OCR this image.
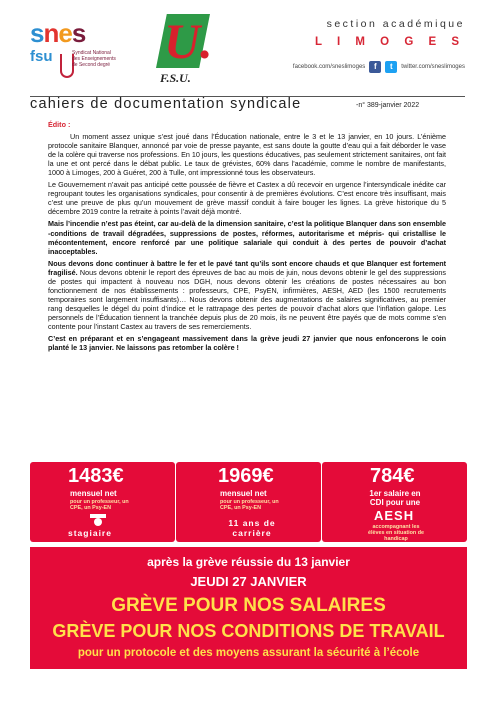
snes
fsu	Syndicat National des Enseignements de Second degré U.
F.S.U.
section académique
L I M O G E S
facebook.com/sneslimoges	f	t	twitter.com/sneslimoges
cahiers de documentation syndicale	-n° 389-janvier 2022
Édito :

Un moment assez unique s’est joué dans l’Éducation nationale, entre le 3 et le 13 janvier, en 10 jours. L’énième protocole sanitaire Blanquer, annoncé par voie de presse payante, est sans doute la goutte d’eau qui a fait déborder le vase de la colère qui traverse nos professions. En 10 jours, les questions éducatives, pas seulement strictement sanitaires, ont fait la une et ont percé dans le débat public. Le taux de grévistes, 60% dans l’académie, comme le nombre de manifestants, 1000 à Limoges, 200 à Guéret, 200 à Tulle, ont impressionné tous les observateurs.

Le Gouvernement n’avait pas anticipé cette poussée de fièvre et Castex a dû recevoir en urgence l’intersyndicale inédite car regroupant toutes les organisations syndicales, pour consentir à de premières évolutions. C’est encore très insuffisant, mais c’est une preuve de plus qu’un mouvement de grève massif conduit à faire bouger les lignes. La grève historique du 5 décembre 2019 contre la retraite à points l’avait déjà montré.

Mais l’incendie n’est pas éteint, car au-delà de la dimension sanitaire, c’est la politique Blanquer dans son ensemble -conditions de travail dégradées, suppressions de postes, réformes, autoritarisme et mépris- qui cristallise le mécontentement, encore renforcé par une politique salariale qui conduit à des pertes de pouvoir d’achat inacceptables.

Nous devons donc continuer à battre le fer et le pavé tant qu’ils sont encore chauds et que Blanquer est fortement fragilisé. Nous devons obtenir le report des épreuves de bac au mois de juin, nous devons obtenir le gel des suppressions de postes qui impactent à nouveau nos DGH, nous devons obtenir les créations de postes nécessaires au bon fonctionnement de nos établissements : professeurs, CPE, PsyEN, infirmières, AESH, AED (les 1500 recrutements temporaires sont largement insuffisants)… Nous devons obtenir des augmentations de salaires significatives, au premier rang desquelles le dégel du point d’indice et le rattrapage des pertes de pouvoir d’achat alors que l’inflation galope. Les personnels de l’Éducation tiennent la tranchée depuis plus de 20 mois, ils ne peuvent être payés que de mots comme s’en contente pour l’instant Castex au travers de ses remerciements.

C’est en préparant et en s’engageant massivement dans la grève jeudi 27 janvier que nous enfoncerons le coin planté le 13 janvier. Ne laissons pas retomber la colère !

1483€
mensuel net
pour un professeur, un CPE, un Psy-EN
stagiaire
1969€
mensuel net
pour un professeur, un CPE, un Psy-EN
11 ans de carrière
784€
1er salaire en CDI pour une
AESH
accompagnant les élèves en situation de handicap
après la grève réussie du 13 janvier
JEUDI 27 JANVIER
GRÈVE POUR NOS SALAIRES
GRÈVE POUR NOS CONDITIONS DE TRAVAIL
pour un protocole et des moyens assurant la sécurité à l’école
